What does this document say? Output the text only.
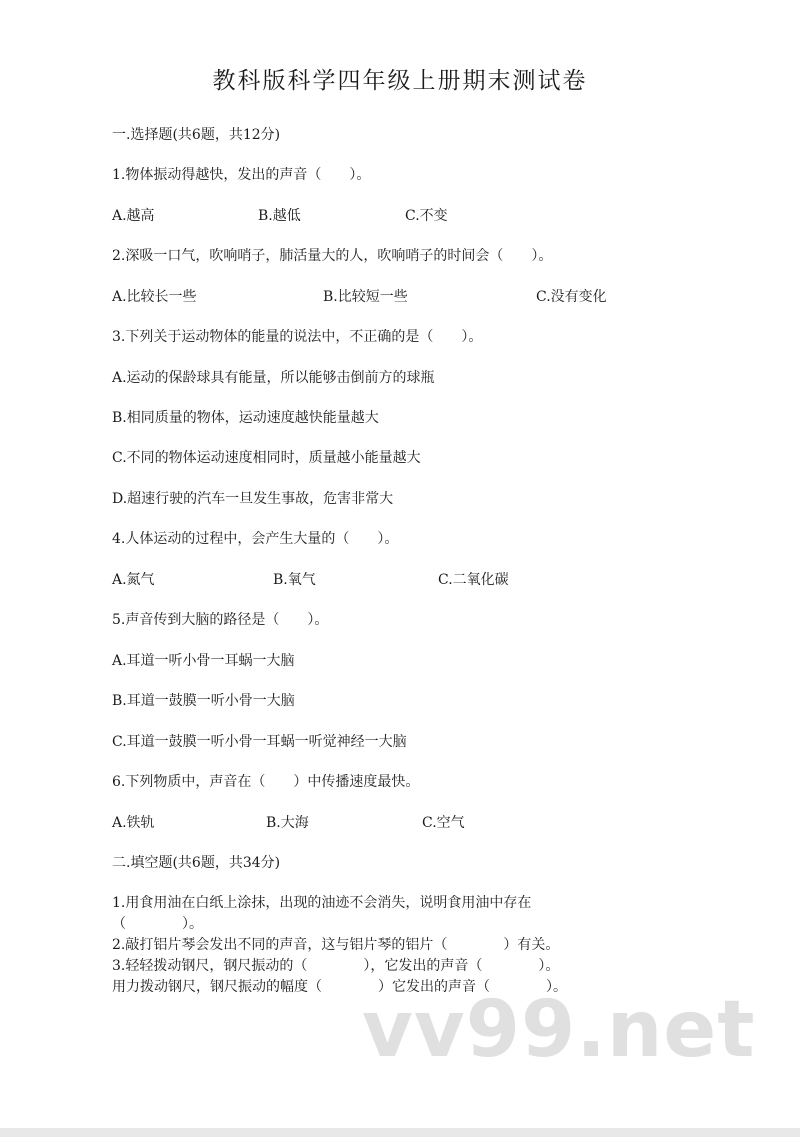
教科版科学四年级上册期末测试卷
一.选择题(共6题，共12分)
1.物体振动得越快，发出的声音（　　）。
A.越高	B.越低	C.不变
2.深吸一口气，吹响哨子，肺活量大的人，吹响哨子的时间会（　　）。
A.比较长一些	B.比较短一些	C.没有变化
3.下列关于运动物体的能量的说法中，不正确的是（　　）。
A.运动的保龄球具有能量，所以能够击倒前方的球瓶
B.相同质量的物体，运动速度越快能量越大
C.不同的物体运动速度相同时，质量越小能量越大
D.超速行驶的汽车一旦发生事故，危害非常大
4.人体运动的过程中，会产生大量的（　　）。
A.氮气	B.氧气	C.二氧化碳
5.声音传到大脑的路径是（　　）。
A.耳道一听小骨一耳蜗一大脑
B.耳道一鼓膜一听小骨一大脑
C.耳道一鼓膜一听小骨一耳蜗一听觉神经一大脑
6.下列物质中，声音在（　　）中传播速度最快。
A.铁轨	B.大海	C.空气
二.填空题(共6题，共34分)
1.用食用油在白纸上涂抹，出现的油迹不会消失，说明食用油中存在
（　　　　）。
2.敲打铝片琴会发出不同的声音，这与铝片琴的铝片（　　　　）有关。
3.轻轻拨动钢尺，钢尺振动的（　　　　），它发出的声音（　　　　）。
用力拨动钢尺，钢尺振动的幅度（　　　　）它发出的声音（　　　　）。
vv99.net
